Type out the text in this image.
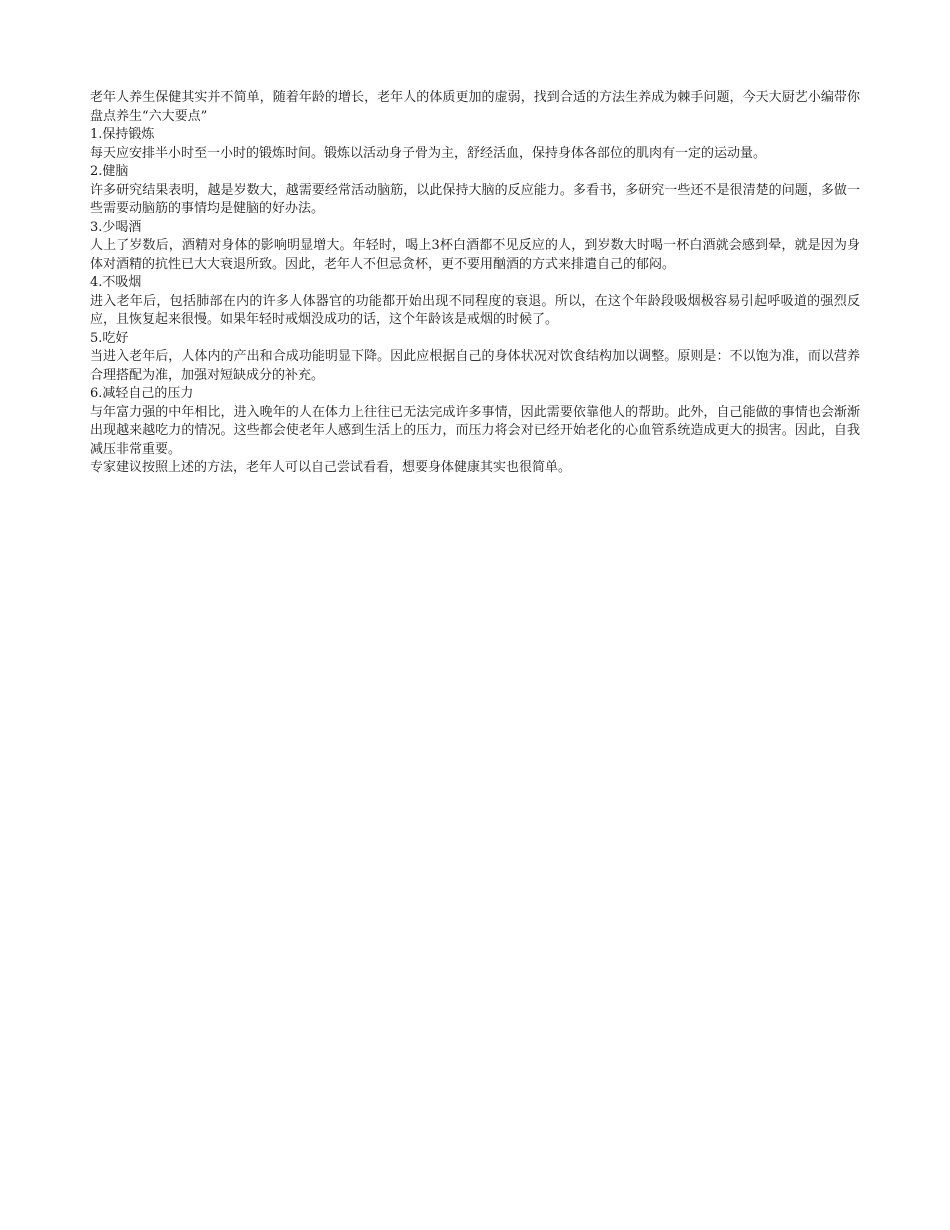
老年人养生保健其实并不简单，随着年龄的增长，老年人的体质更加的虚弱，找到合适的方法生养成为棘手问题，今天大厨艺小编带你盘点养生“六大要点”

1.保持锻炼

每天应安排半小时至一小时的锻炼时间。锻炼以活动身子骨为主，舒经活血，保持身体各部位的肌肉有一定的运动量。

2.健脑

许多研究结果表明，越是岁数大，越需要经常活动脑筋，以此保持大脑的反应能力。多看书，多研究一些还不是很清楚的问题，多做一些需要动脑筋的事情均是健脑的好办法。

3.少喝酒

人上了岁数后，酒精对身体的影响明显增大。年轻时，喝上3杯白酒都不见反应的人，到岁数大时喝一杯白酒就会感到晕，就是因为身体对酒精的抗性已大大衰退所致。因此，老年人不但忌贪杯，更不要用酗酒的方式来排遣自己的郁闷。

4.不吸烟

进入老年后，包括肺部在内的许多人体器官的功能都开始出现不同程度的衰退。所以，在这个年龄段吸烟极容易引起呼吸道的强烈反应，且恢复起来很慢。如果年轻时戒烟没成功的话，这个年龄该是戒烟的时候了。

5.吃好

当进入老年后，人体内的产出和合成功能明显下降。因此应根据自己的身体状况对饮食结构加以调整。原则是：不以饱为准，而以营养合理搭配为准，加强对短缺成分的补充。

6.减轻自己的压力

与年富力强的中年相比，进入晚年的人在体力上往往已无法完成许多事情，因此需要依靠他人的帮助。此外，自己能做的事情也会渐渐出现越来越吃力的情况。这些都会使老年人感到生活上的压力，而压力将会对已经开始老化的心血管系统造成更大的损害。因此，自我减压非常重要。

专家建议按照上述的方法，老年人可以自己尝试看看，想要身体健康其实也很简单。
